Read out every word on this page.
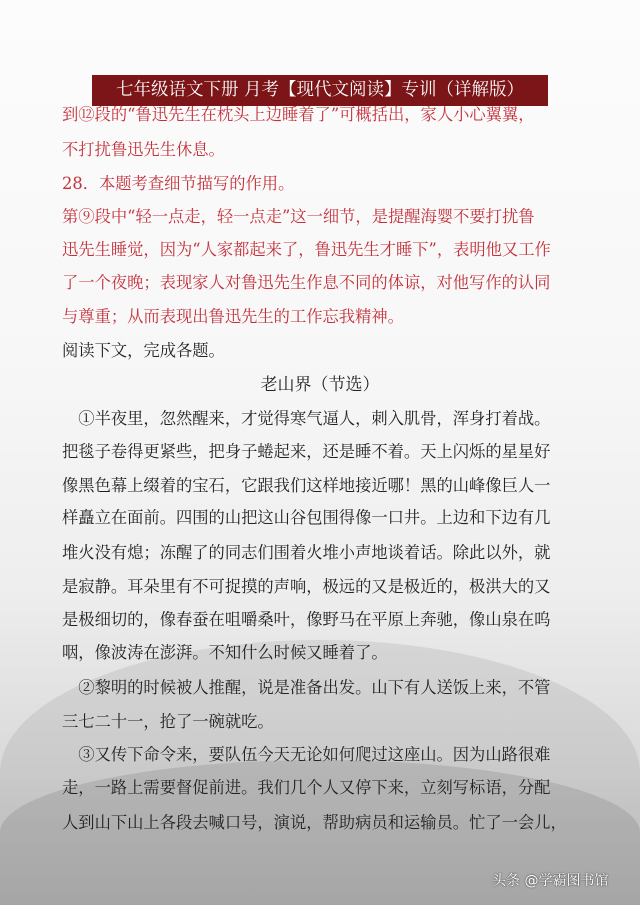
七年级语文下册 月考【现代文阅读】专训（详解版）
到⑫段的“鲁迅先生在枕头上边睡着了”可概括出，家人小心翼翼，
不打扰鲁迅先生休息。
28．本题考查细节描写的作用。
第⑨段中“轻一点走，轻一点走”这一细节，是提醒海婴不要打扰鲁
迅先生睡觉，因为“人家都起来了，鲁迅先生才睡下”，表明他又工作
了一个夜晚；表现家人对鲁迅先生作息不同的体谅，对他写作的认同
与尊重；从而表现出鲁迅先生的工作忘我精神。
阅读下文，完成各题。
老山界（节选）
　①半夜里，忽然醒来，才觉得寒气逼人，刺入肌骨，浑身打着战。
把毯子卷得更紧些，把身子蜷起来，还是睡不着。天上闪烁的星星好
像黑色幕上缀着的宝石，它跟我们这样地接近哪！黑的山峰像巨人一
样矗立在面前。四围的山把这山谷包围得像一口井。上边和下边有几
堆火没有熄；冻醒了的同志们围着火堆小声地谈着话。除此以外，就
是寂静。耳朵里有不可捉摸的声响，极远的又是极近的，极洪大的又
是极细切的，像春蚕在咀嚼桑叶，像野马在平原上奔驰，像山泉在呜
咽，像波涛在澎湃。不知什么时候又睡着了。
　②黎明的时候被人推醒，说是准备出发。山下有人送饭上来，不管
三七二十一，抢了一碗就吃。
　③又传下命令来，要队伍今天无论如何爬过这座山。因为山路很难
走，一路上需要督促前进。我们几个人又停下来，立刻写标语，分配
人到山下山上各段去喊口号，演说，帮助病员和运输员。忙了一会儿，
头条 @学霸图书馆
